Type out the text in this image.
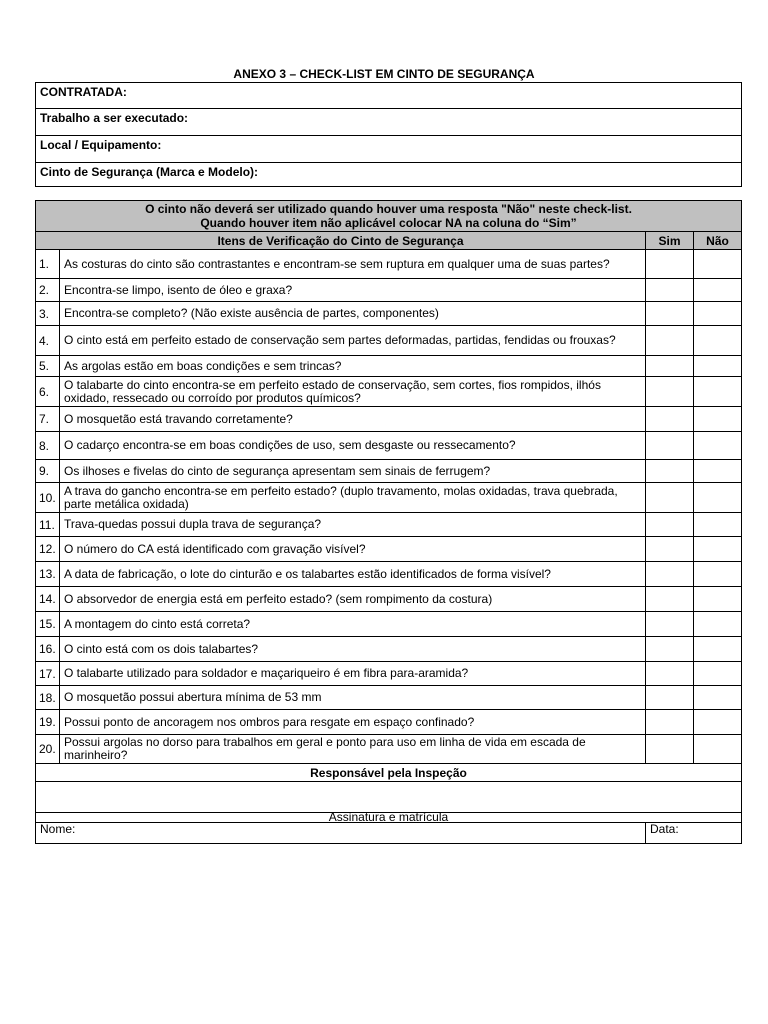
ANEXO 3 – CHECK-LIST EM CINTO DE SEGURANÇA
CONTRATADA:
Trabalho a ser executado:
Local / Equipamento:
Cinto de Segurança (Marca e Modelo):
O cinto não deverá ser utilizado quando houver uma resposta "Não" neste check-list.
Quando houver item não aplicável colocar NA na coluna do “Sim”			

Itens de Verificação do Cinto de Segurança		Sim	Não
1.	As costuras do cinto são contrastantes e encontram-se sem ruptura em qualquer uma de suas partes?		
2.	Encontra-se limpo, isento de óleo e graxa?		
3.	Encontra-se completo? (Não existe ausência de partes, componentes)		
4.	O cinto está em perfeito estado de conservação sem partes deformadas, partidas, fendidas ou frouxas?		
5.	As argolas estão em boas condições e sem trincas?		
6.	O talabarte do cinto encontra-se em perfeito estado de conservação, sem cortes, fios rompidos, ilhós oxidado, ressecado ou corroído por produtos químicos?		
7.	O mosquetão está travando corretamente?		
8.	O cadarço encontra-se em boas condições de uso, sem desgaste ou ressecamento?		
9.	Os ilhoses e fivelas do cinto de segurança apresentam sem sinais de ferrugem?		
10.	A trava do gancho encontra-se em perfeito estado? (duplo travamento, molas oxidadas, trava quebrada, parte metálica oxidada)		
11.	Trava-quedas possui dupla trava de segurança?		
12.	O número do CA está identificado com gravação visível?		
13.	A data de fabricação, o lote do cinturão e os talabartes estão identificados de forma visível?		
14.	O absorvedor de energia está em perfeito estado? (sem rompimento da costura)		
15.	A montagem do cinto está correta?		
16.	O cinto está com os dois talabartes?		
17.	O talabarte utilizado para soldador e maçariqueiro é em fibra para-aramida?		
18.	O mosquetão possui abertura mínima de 53 mm		
19.	Possui ponto de ancoragem nos ombros para resgate em espaço confinado?		
20.	Possui argolas no dorso para trabalhos em geral e ponto para uso em linha de vida em escada de marinheiro?		
Responsável pela Inspeção			

Assinatura e matrícula			
Nome:		Data:	
